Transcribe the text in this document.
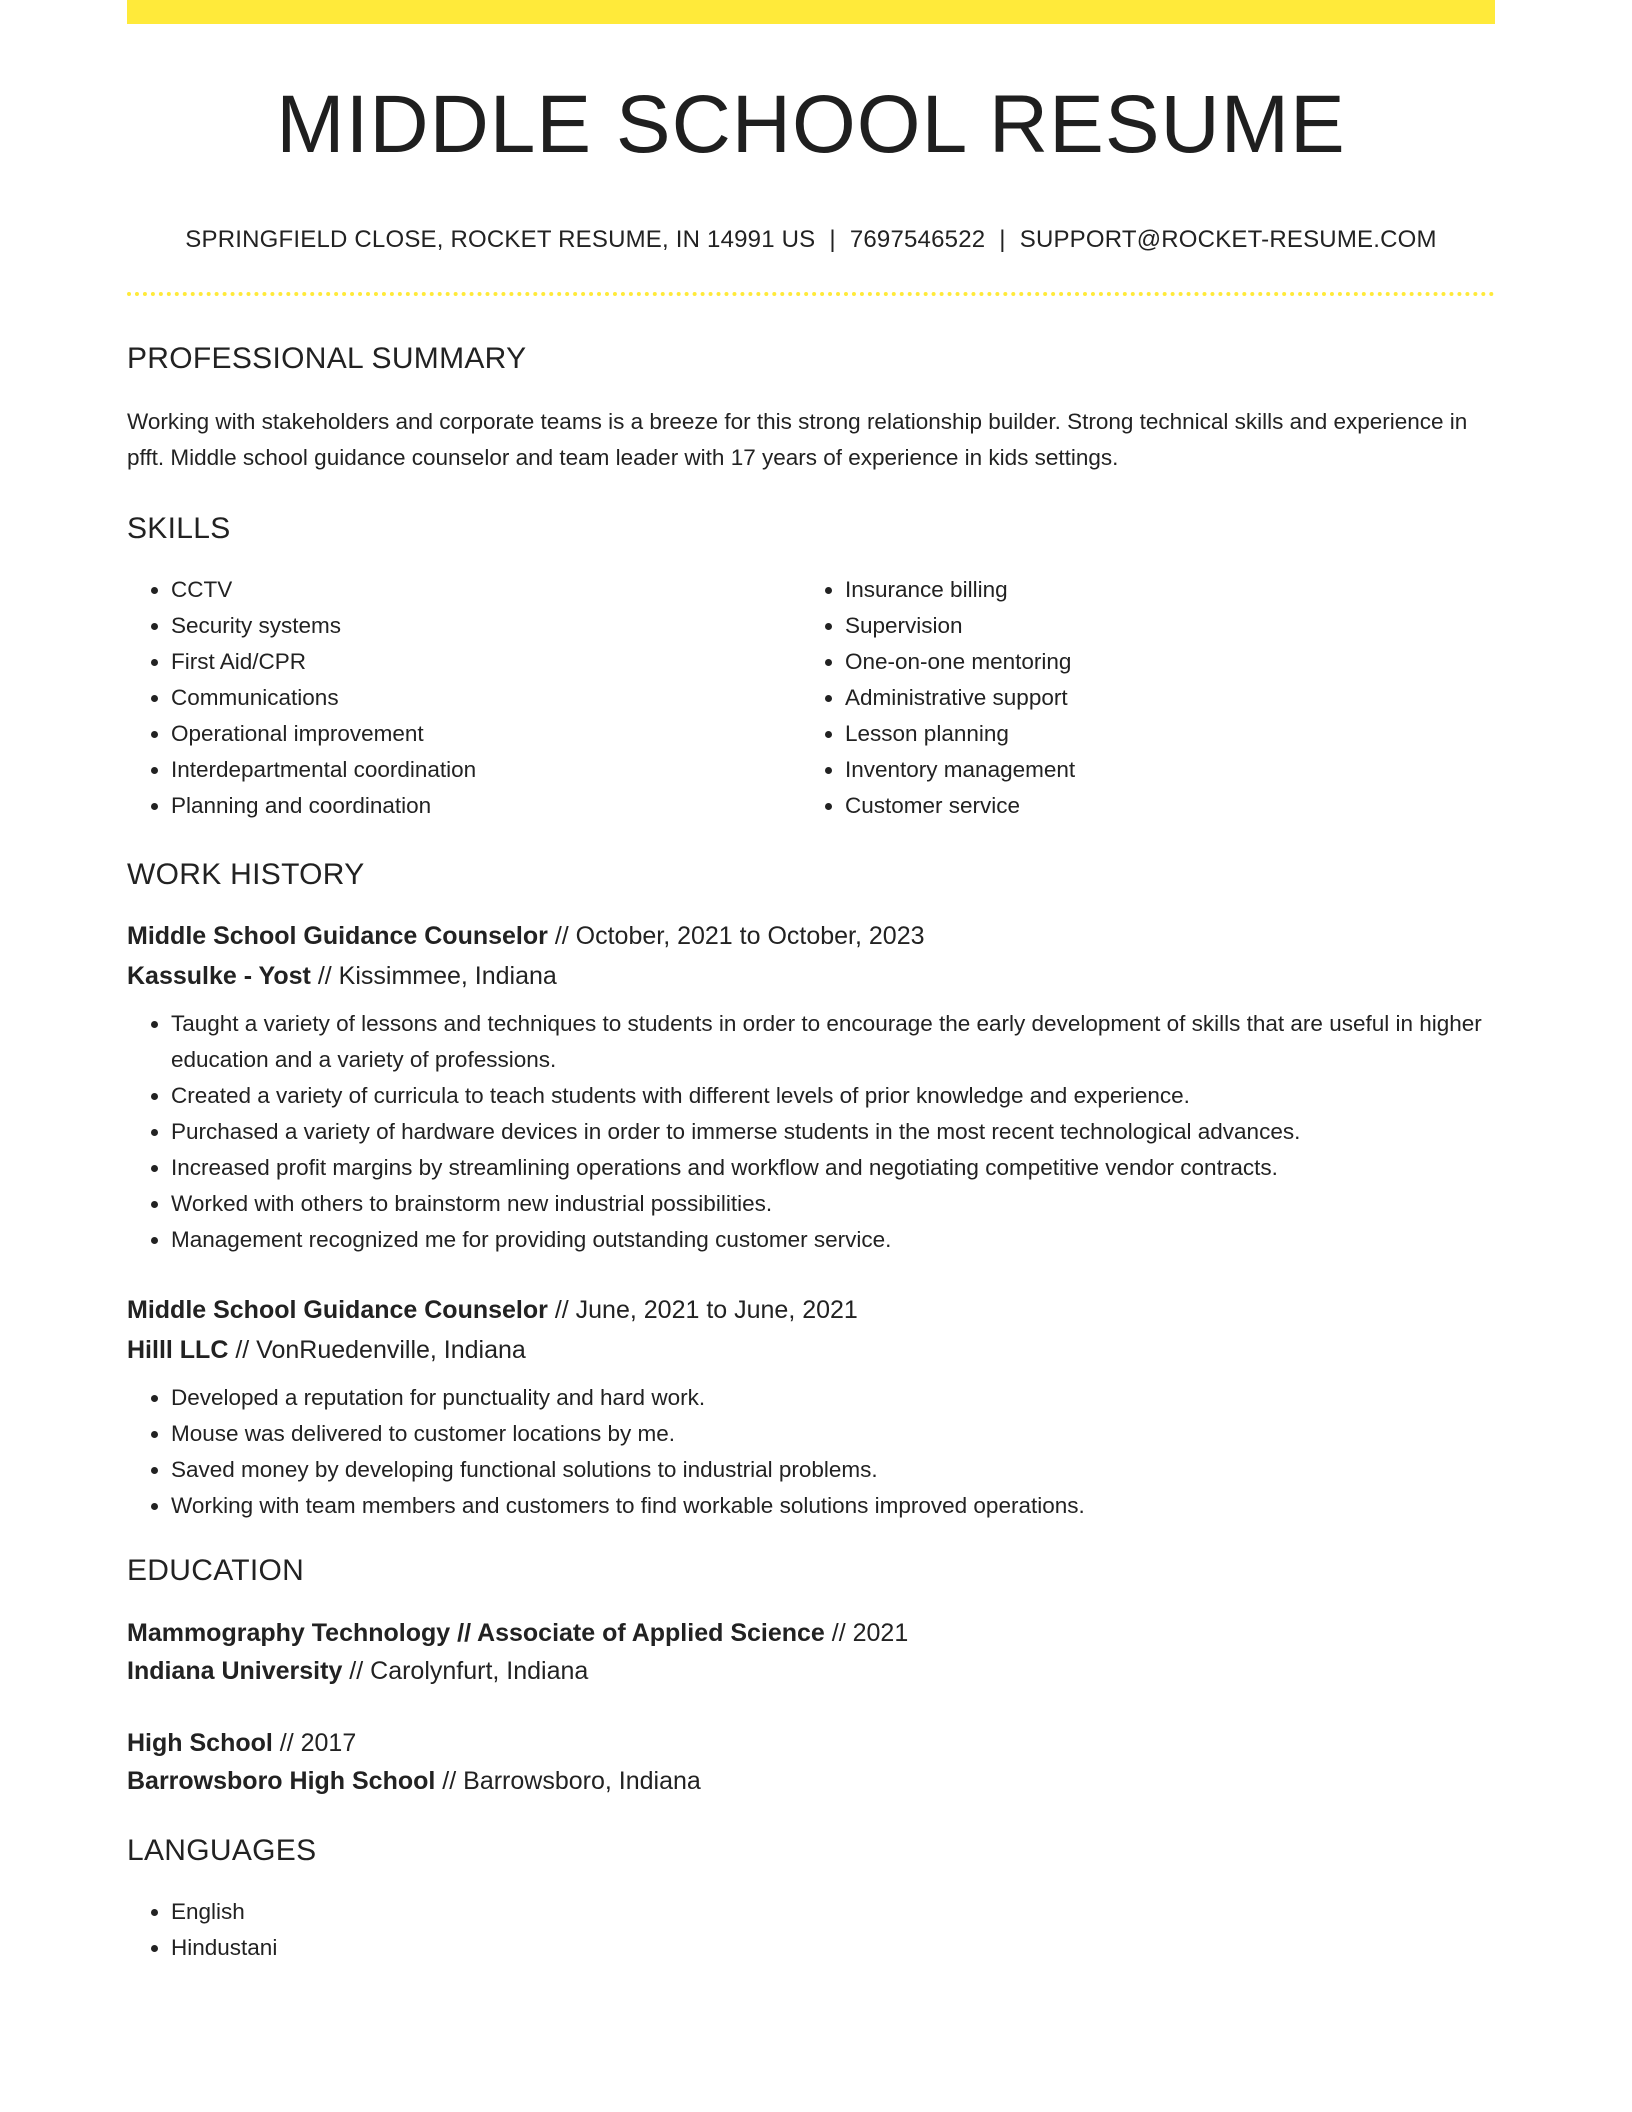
MIDDLE SCHOOL RESUME
SPRINGFIELD CLOSE, ROCKET RESUME, IN 14991 US | 7697546522 | SUPPORT@ROCKET-RESUME.COM
PROFESSIONAL SUMMARY
Working with stakeholders and corporate teams is a breeze for this strong relationship builder. Strong technical skills and experience in pfft. Middle school guidance counselor and team leader with 17 years of experience in kids settings.
SKILLS
• CCTV
• Security systems
• First Aid/CPR
• Communications
• Operational improvement
• Interdepartmental coordination
• Planning and coordination
• Insurance billing
• Supervision
• One-on-one mentoring
• Administrative support
• Lesson planning
• Inventory management
• Customer service
WORK HISTORY
Middle School Guidance Counselor // October, 2021 to October, 2023
Kassulke - Yost // Kissimmee, Indiana
• Taught a variety of lessons and techniques to students in order to encourage the early development of skills that are useful in higher education and a variety of professions.
• Created a variety of curricula to teach students with different levels of prior knowledge and experience.
• Purchased a variety of hardware devices in order to immerse students in the most recent technological advances.
• Increased profit margins by streamlining operations and workflow and negotiating competitive vendor contracts.
• Worked with others to brainstorm new industrial possibilities.
• Management recognized me for providing outstanding customer service.
Middle School Guidance Counselor // June, 2021 to June, 2021
Hilll LLC // VonRuedenville, Indiana
• Developed a reputation for punctuality and hard work.
• Mouse was delivered to customer locations by me.
• Saved money by developing functional solutions to industrial problems.
• Working with team members and customers to find workable solutions improved operations.
EDUCATION
Mammography Technology // Associate of Applied Science // 2021
Indiana University // Carolynfurt, Indiana
High School // 2017
Barrowsboro High School // Barrowsboro, Indiana
LANGUAGES
• English
• Hindustani
